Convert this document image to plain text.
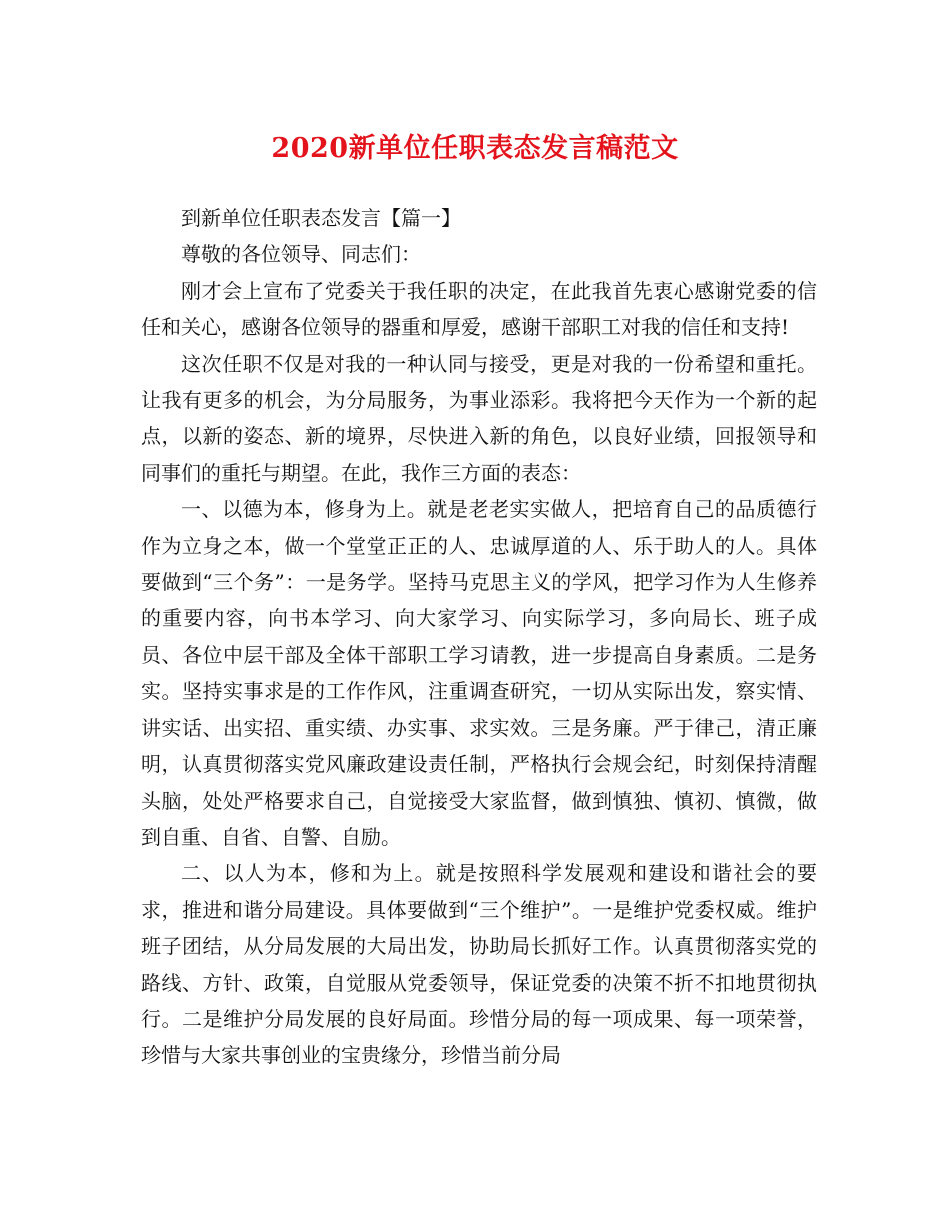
2020新单位任职表态发言稿范文

到新单位任职表态发言【篇一】

尊敬的各位领导、同志们：

刚才会上宣布了党委关于我任职的决定，在此我首先衷心感谢党委的信任和关心，感谢各位领导的器重和厚爱，感谢干部职工对我的信任和支持!

这次任职不仅是对我的一种认同与接受，更是对我的一份希望和重托。让我有更多的机会，为分局服务，为事业添彩。我将把今天作为一个新的起点，以新的姿态、新的境界，尽快进入新的角色，以良好业绩，回报领导和同事们的重托与期望。在此，我作三方面的表态：

一、以德为本，修身为上。就是老老实实做人，把培育自己的品质德行作为立身之本，做一个堂堂正正的人、忠诚厚道的人、乐于助人的人。具体要做到“三个务”：一是务学。坚持马克思主义的学风，把学习作为人生修养的重要内容，向书本学习、向大家学习、向实际学习，多向局长、班子成员、各位中层干部及全体干部职工学习请教，进一步提高自身素质。二是务实。坚持实事求是的工作作风，注重调查研究，一切从实际出发，察实情、讲实话、出实招、重实绩、办实事、求实效。三是务廉。严于律己，清正廉明，认真贯彻落实党风廉政建设责任制，严格执行会规会纪，时刻保持清醒头脑，处处严格要求自己，自觉接受大家监督，做到慎独、慎初、慎微，做到自重、自省、自警、自励。

二、以人为本，修和为上。就是按照科学发展观和建设和谐社会的要求，推进和谐分局建设。具体要做到“三个维护”。一是维护党委权威。维护班子团结，从分局发展的大局出发，协助局长抓好工作。认真贯彻落实党的路线、方针、政策，自觉服从党委领导，保证党委的决策不折不扣地贯彻执行。二是维护分局发展的良好局面。珍惜分局的每一项成果、每一项荣誉，珍惜与大家共事创业的宝贵缘分，珍惜当前分局
